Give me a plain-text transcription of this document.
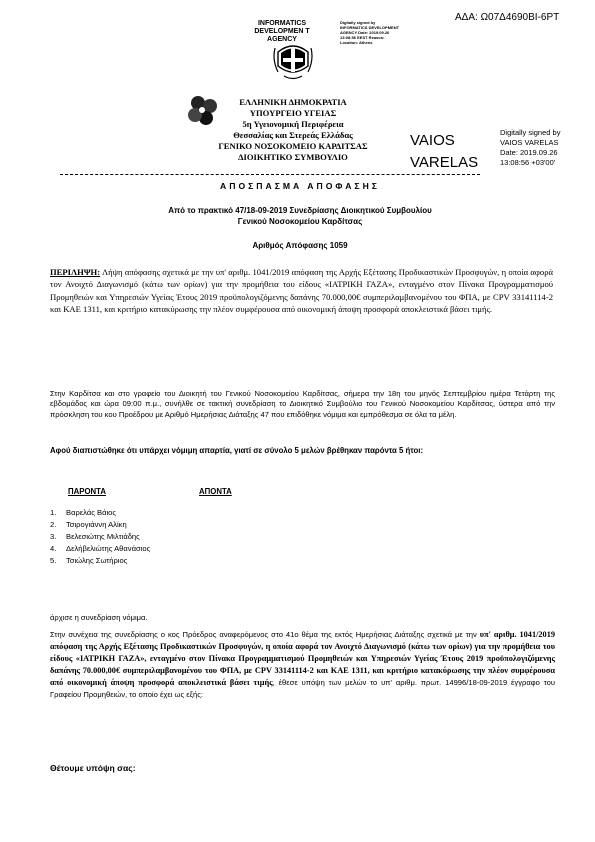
ΑΔΑ: Ω07Δ4690ΒΙ-6ΡΤ
INFORMATICS DEVELOPMEN T AGENCY
Digitally signed by INFORMATICS DEVELOPMENT AGENCY Date: 2019.09.26 13:08:56 EEST Reason: Location: Athens
ΕΛΛΗΝΙΚΗ ΔΗΜΟΚΡΑΤΙΑ
ΥΠΟΥΡΓΕΙΟ ΥΓΕΙΑΣ
5η Υγειονομική Περιφέρεια
Θεσσαλίας και Στερεάς Ελλάδας
ΓΕΝΙΚΟ ΝΟΣΟΚΟΜΕΙΟ ΚΑΡΔΙΤΣΑΣ
ΔΙΟΙΚΗΤΙΚΟ ΣΥΜΒΟΥΛΙΟ
VAIOS
VARELAS
Digitally signed by
VAIOS VARELAS
Date: 2019.09.26
13:08:56 +03'00'
ΑΠΟΣΠΑΣΜΑ ΑΠΟΦΑΣΗΣ
Από το πρακτικό 47/18-09-2019 Συνεδρίασης Διοικητικού Συμβουλίου
Γενικού Νοσοκομείου Καρδίτσας
Αριθμός Απόφασης 1059
ΠΕΡΙΛΗΨΗ: Λήψη απόφασης σχετικά με την υπ' αριθμ. 1041/2019 απόφαση της Αρχής Εξέτασης Προδικαστικών Προσφυγών, η οποία αφορά τον Ανοιχτό Διαγωνισμό (κάτω των ορίων) για την προμήθεια του είδους «ΙΑΤΡΙΚΗ ΓΑΖΑ», ενταγμένο στον Πίνακα Προγραμματισμού Προμηθειών και Υπηρεσιών Υγείας Έτους 2019 προϋπολογιζόμενης δαπάνης 70.000,00€ συμπεριλαμβανομένου του ΦΠΑ, με CPV 33141114-2 και ΚΑΕ 1311, και κριτήριο κατακύρωσης την πλέον συμφέρουσα από οικονομική άποψη προσφορά αποκλειστικά βάσει τιμής.
Στην Καρδίτσα και στο γραφείο του Διοικητή του Γενικού Νοσοκομείου Καρδίτσας, σήμερα την 18η του μηνός Σεπτεμβρίου ημέρα Τετάρτη της εβδομάδος και ώρα 09:00 π.μ., συνήλθε σε τακτική συνεδρίαση το Διοικητικό Συμβούλιο του Γενικού Νοσοκομείου Καρδίτσας, ύστερα από την πρόσκληση του κου Προέδρου με Αριθμό Ημερήσιας Διάταξης 47 που επιδόθηκε νόμιμα και εμπρόθεσμα σε όλα τα μέλη.
Αφού διαπιστώθηκε ότι υπάρχει νόμιμη απαρτία, γιατί σε σύνολο 5 μελών βρέθηκαν παρόντα 5 ήτοι:
ΠΑΡΟΝΤΑ	ΑΠΟΝΤΑ
1. Βαρελάς Βάιος
2. Τσιρογιάννη Αλίκη
3. Βελεσιώτης Μιλτιάδης
4. Δελήβελιώτης Αθανάσιος
5. Τσιώλης Σωτήριος
άρχισε η συνεδρίαση νόμιμα.
Στην συνέχεια της συνεδρίασης ο κος Πρόεδρος αναφερόμενος στο 41ο θέμα της εκτός Ημερήσιας Διάταξης σχετικά με την υπ' αριθμ. 1041/2019 απόφαση της Αρχής Εξέτασης Προδικαστικών Προσφυγών, η οποία αφορά τον Ανοιχτό Διαγωνισμό (κάτω των ορίων) για την προμήθεια του είδους «ΙΑΤΡΙΚΗ ΓΑΖΑ», ενταγμένο στον Πίνακα Προγραμματισμού Προμηθειών και Υπηρεσιών Υγείας Έτους 2019 προϋπολογιζόμενης δαπάνης 70.000,00€ συμπεριλαμβανομένου του ΦΠΑ, με CPV 33141114-2 και ΚΑΕ 1311, και κριτήριο κατακύρωσης την πλέον συμφέρουσα από οικονομική άποψη προσφορά αποκλειστικά βάσει τιμής, έθεσε υπόψη των μελών το υπ' αριθμ. πρωτ. 14996/18-09-2019 έγγραφο του Γραφείου Προμηθειών, το οποίο έχει ως εξής:
Θέτουμε υπόψη σας:
